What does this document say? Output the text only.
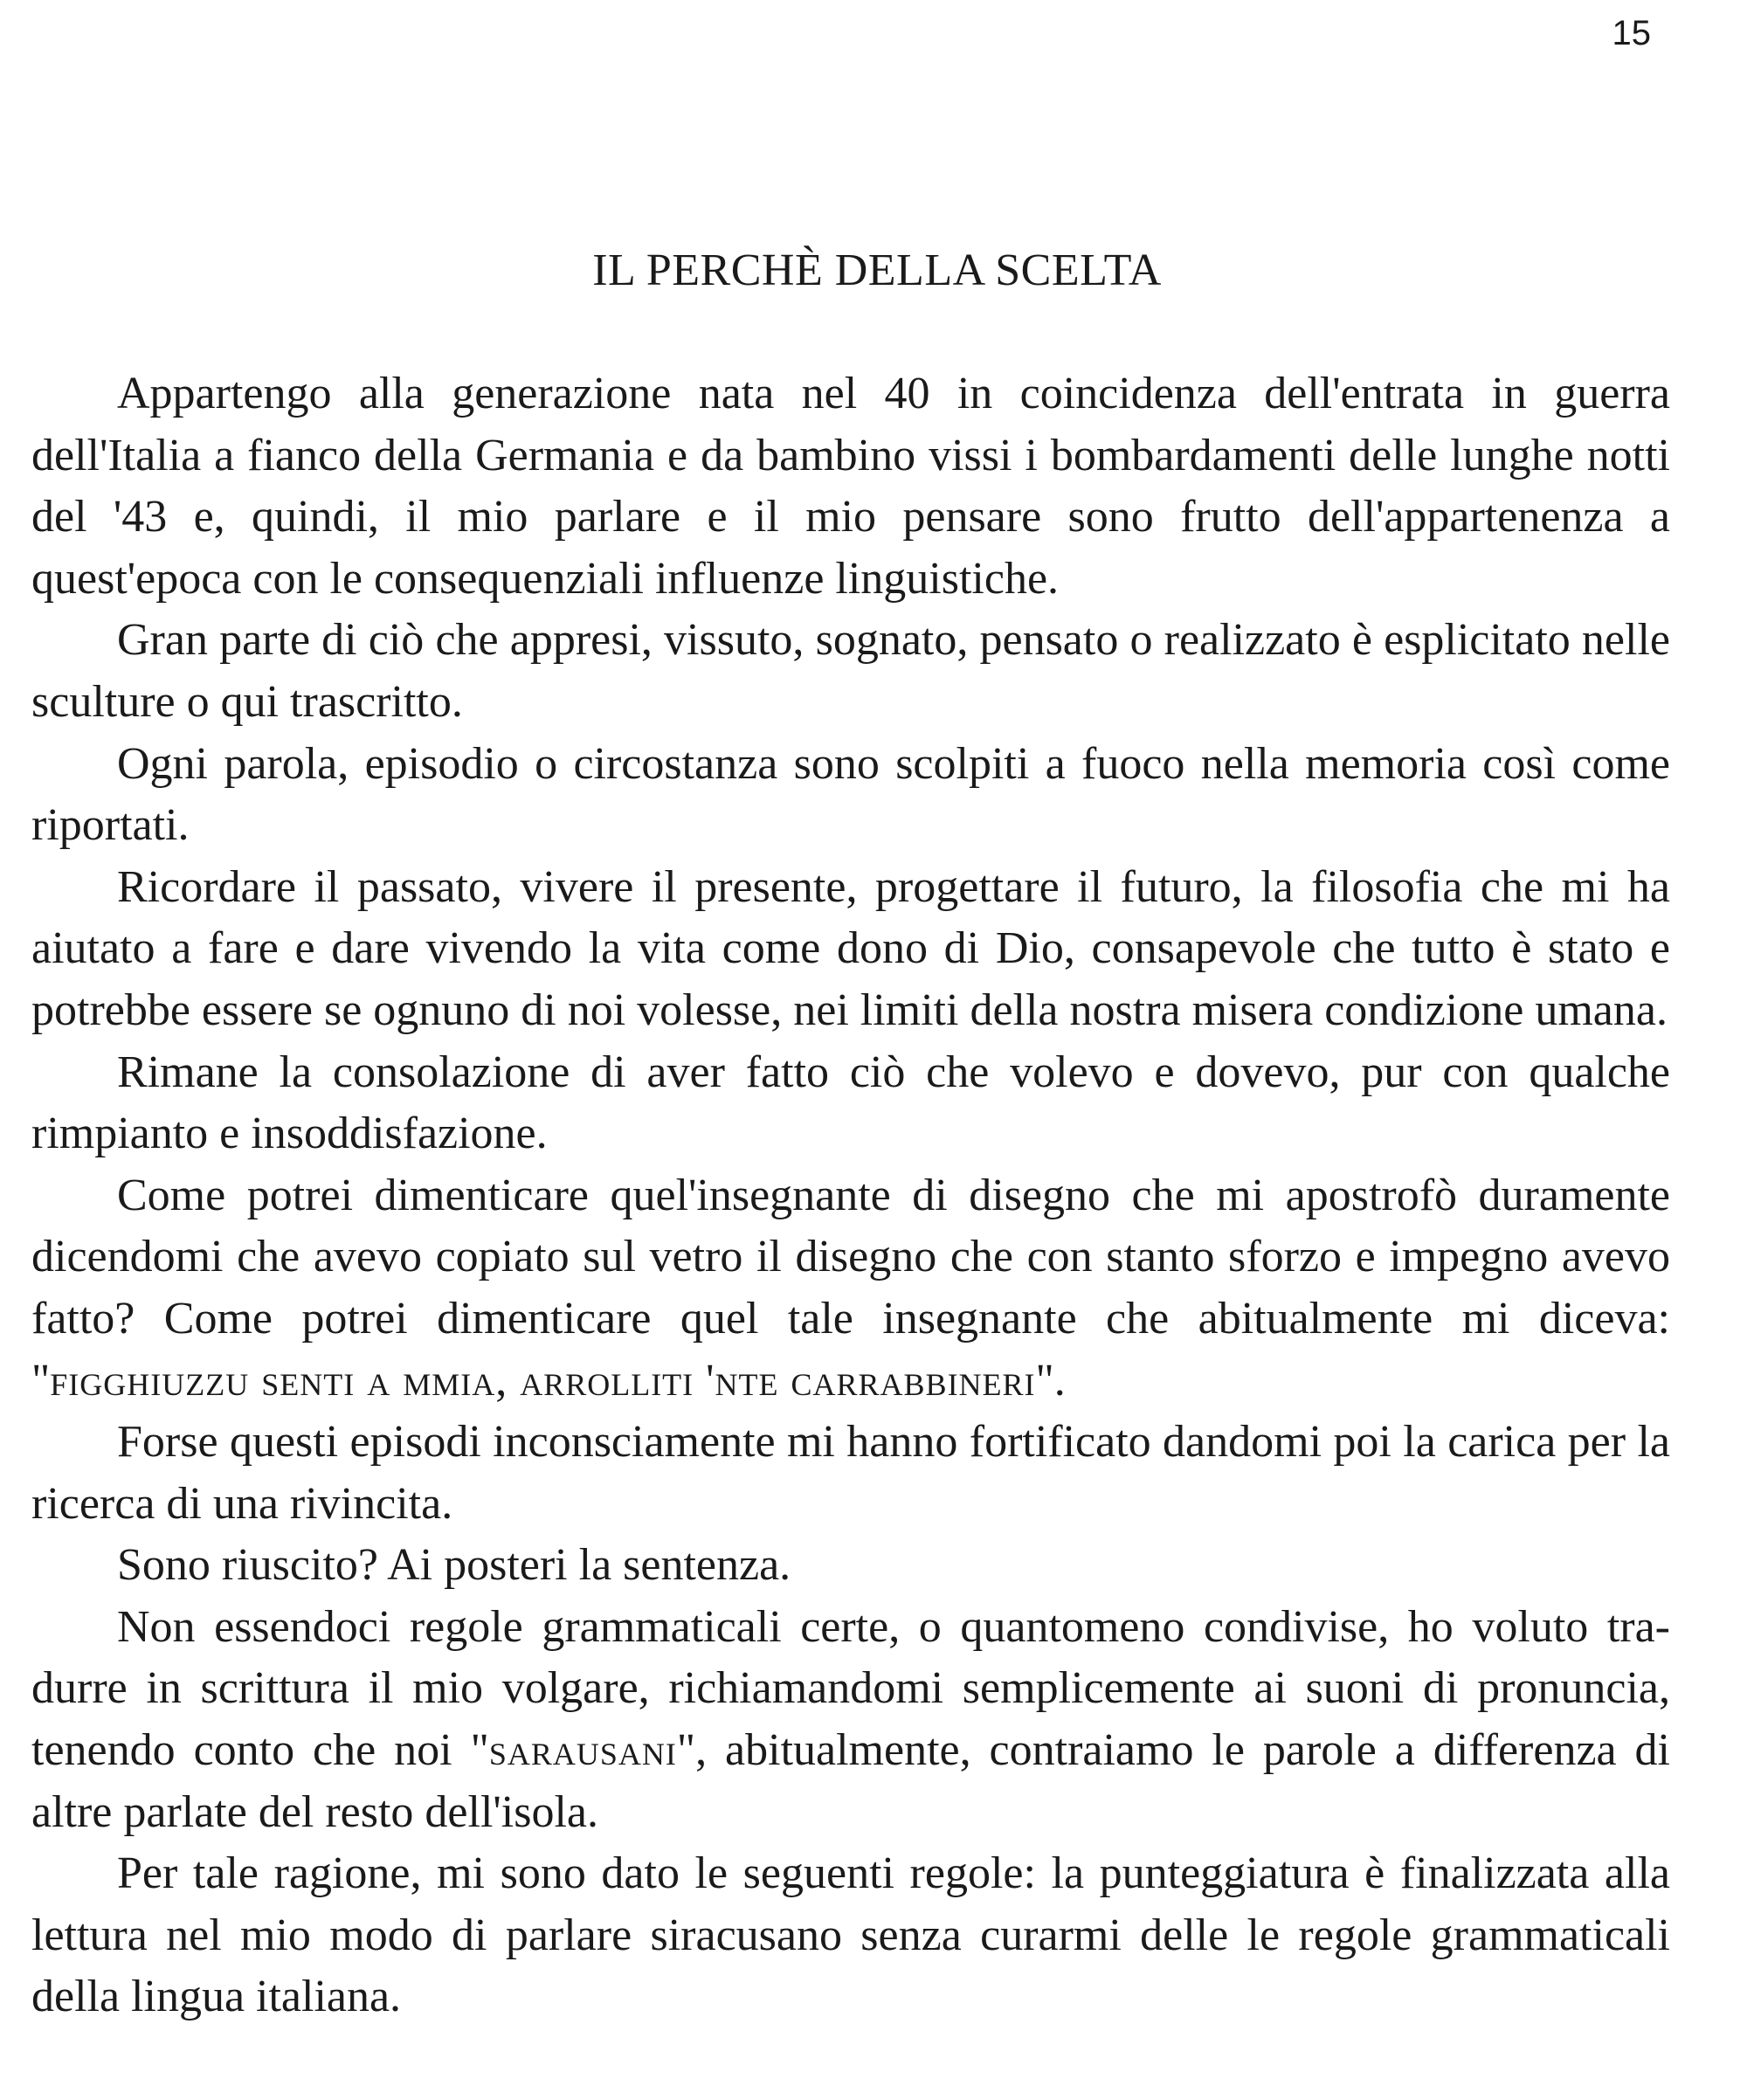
15
IL PERCHÈ DELLA SCELTA

Appartengo alla generazione nata nel 40 in coincidenza dell'entrata in guerra dell'Italia a fianco della Germania e da bambino vissi i bombardamenti delle lunghe notti del '43 e, quindi, il mio parlare e il mio pensare sono frutto dell'appartenenza a quest'epoca con le consequenziali influenze linguistiche.

Gran parte di ciò che appresi, vissuto, sognato, pensato o realizzato è esplicitato nelle sculture o qui trascritto.

Ogni parola, episodio o circostanza sono scolpiti a fuoco nella memoria così come riportati.

Ricordare il passato, vivere il presente, progettare il futuro, la filosofia che mi ha aiutato a fare e dare vivendo la vita come dono di Dio, consapevole che tutto è stato e potrebbe essere se ognuno di noi volesse, nei limiti della nostra misera condizione umana.

Rimane la consolazione di aver fatto ciò che volevo e dovevo, pur con qualche rimpianto e insoddisfazione.

Come potrei dimenticare quel'insegnante di disegno che mi apostrofò duramente dicendomi che avevo copiato sul vetro il disegno che con stanto sforzo e impegno avevo fatto? Come potrei dimenticare quel tale insegnante che abitualmente mi diceva: "figghiuzzu senti a mmia, arrolliti 'nte carrabbineri".

Forse questi episodi inconsciamente mi hanno fortificato dandomi poi la carica per la ricerca di una rivincita.

Sono riuscito? Ai posteri la sentenza.

Non essendoci regole grammaticali certe, o quantomeno condivise, ho voluto tradurre in scrittura il mio volgare, richiamandomi semplicemente ai suoni di pronuncia, tenendo conto che noi "sarausani", abitualmente, contraiamo le parole a differenza di altre parlate del resto dell'isola.

Per tale ragione, mi sono dato le seguenti regole: la punteggiatura è finalizzata alla lettura nel mio modo di parlare siracusano senza curarmi delle le regole grammaticali della lingua italiana.
